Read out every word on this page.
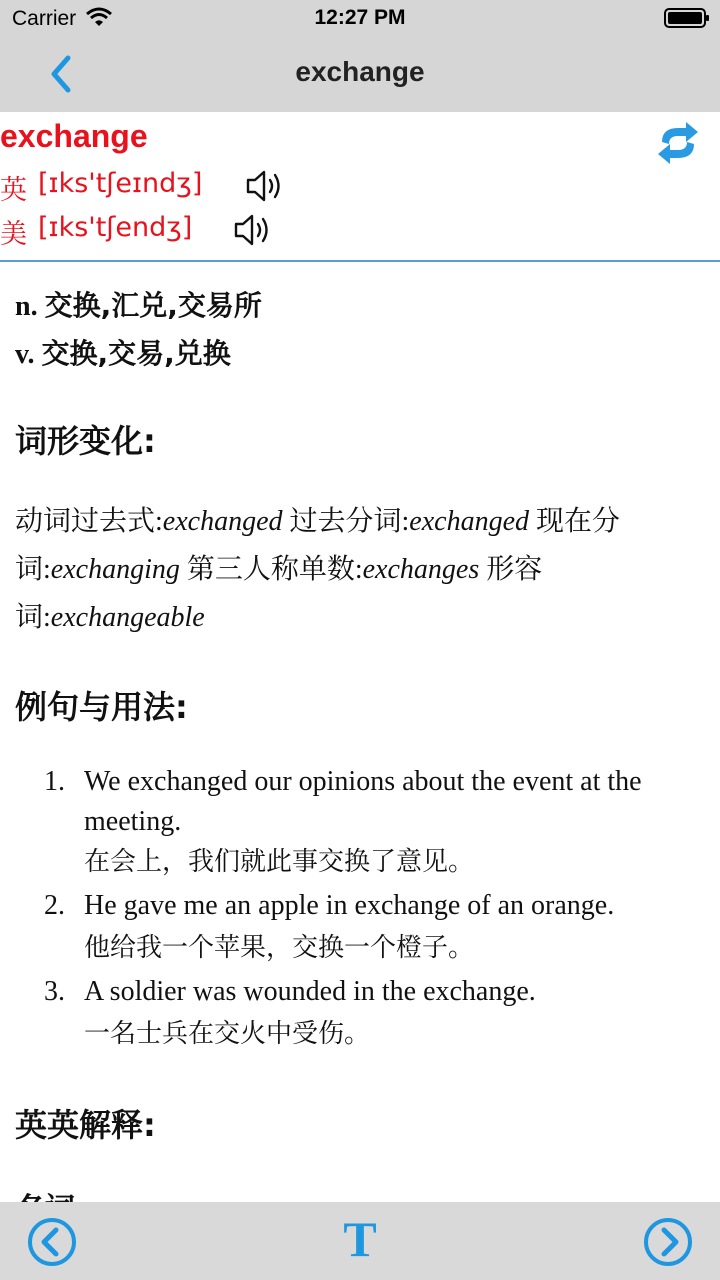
Carrier	12:27 PM
exchange
exchange
英 [ɪks'tʃeɪndʒ]
美 [ɪks'tʃendʒ]
n. 交换,汇兑,交易所
v. 交换,交易,兑换
词形变化:
动词过去式:exchanged 过去分词:exchanged 现在分词:exchanging 第三人称单数:exchanges 形容词:exchangeable
例句与用法:
1. We exchanged our opinions about the event at the meeting.
在会上，我们就此事交换了意见。
2. He gave me an apple in exchange of an orange.
他给我一个苹果，交换一个橙子。
3. A soldier was wounded in the exchange.
一名士兵在交火中受伤。
英英解释:
T
